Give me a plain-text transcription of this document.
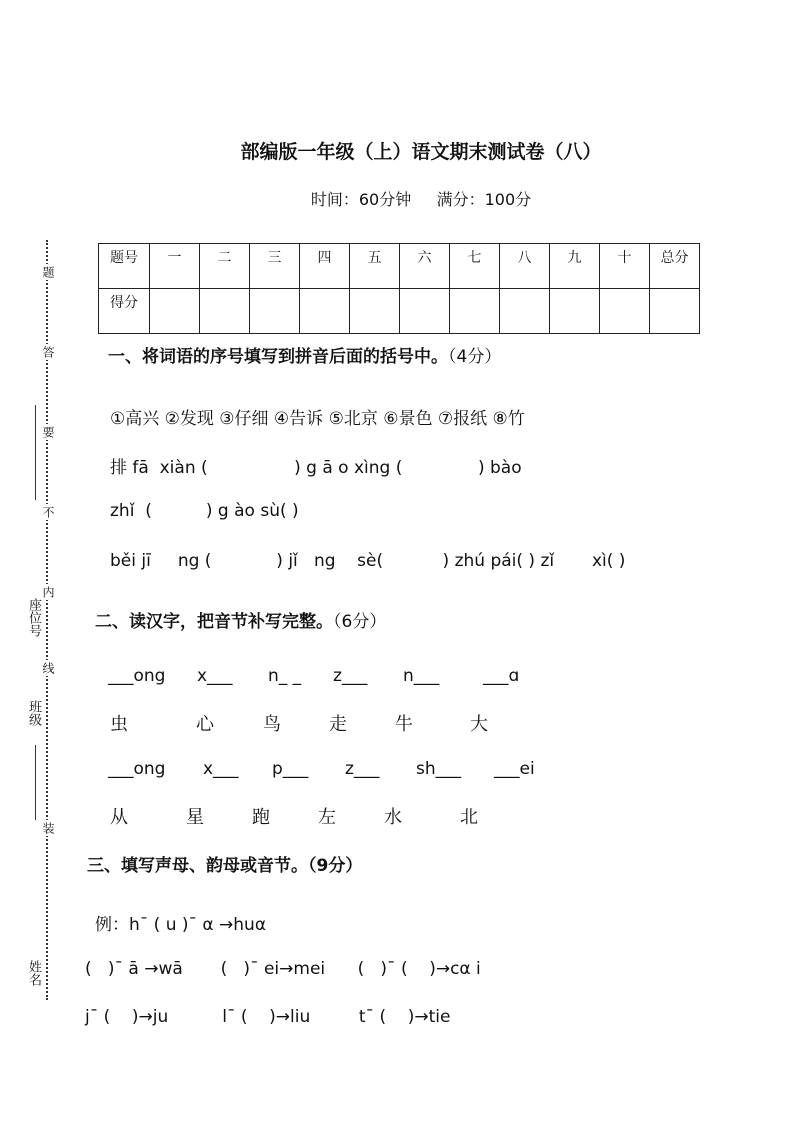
题
答
要
不
内
线
装
座位号
班级
姓名
部编版一年级（上）语文期末测试卷（八）
时间：60分钟     满分：100分
题号	一	二	三	四	五	六	七	八	九	十	总分
得分											
一、将词语的序号填写到拼音后面的括号中。（4分）
①高兴 ②发现 ③仔细 ④告诉 ⑤北京 ⑥景色 ⑦报纸 ⑧竹
排 fā  xiàn (                ) g ā o xìng (              ) bào
zhǐ  (          ) g ào sù( )
běi jī     ng (            ) jǐ   ng    sè(           ) zhú pái( ) zǐ       xì( )
二、读汉字，把音节补写完整。（6分）
___ong x___ n_ _ z___ n___	___ɑ
虫	心	鸟	走	牛	大
___ong x___ p___ z___ sh___ ___ei
从	星	跑	左	水	北
三、填写声母、韵母或音节。（9分）
例：h¯ ( u )¯ α →huα
(   )¯ ā →wā       (   )¯ ei→mei      (   )¯ (    )→cα i
j¯ (    )→ju          l¯ (    )→liu         t¯ (    )→tie
